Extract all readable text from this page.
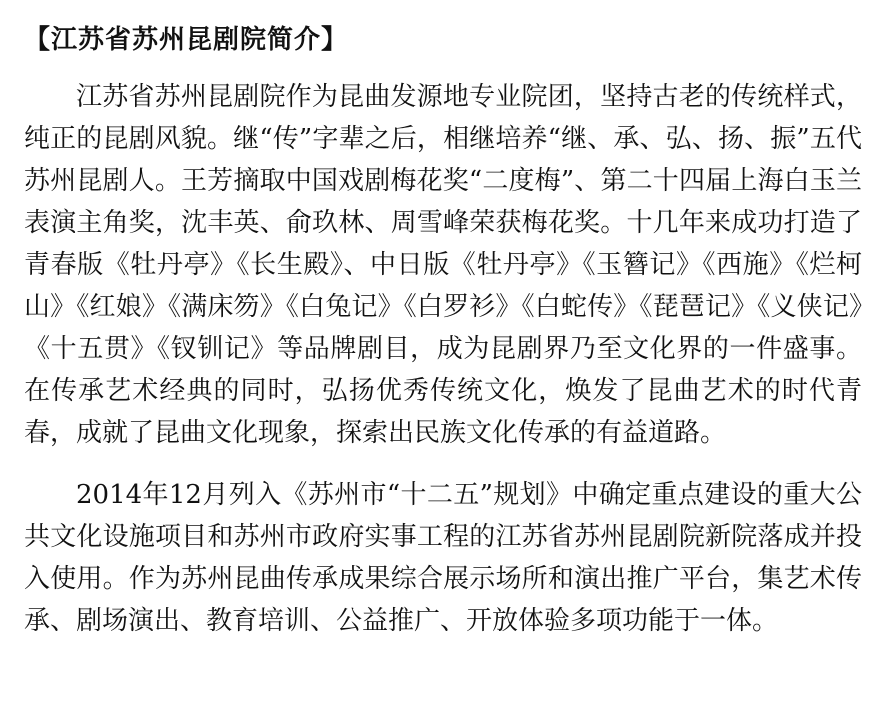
【江苏省苏州昆剧院简介】

江苏省苏州昆剧院作为昆曲发源地专业院团，坚持古老的传统样式，纯正的昆剧风貌。继“传”字辈之后，相继培养“继、承、弘、扬、振”五代苏州昆剧人。王芳摘取中国戏剧梅花奖“二度梅”、第二十四届上海白玉兰表演主角奖，沈丰英、俞玖林、周雪峰荣获梅花奖。十几年来成功打造了青春版《牡丹亭》《长生殿》、中日版《牡丹亭》《玉簪记》《西施》《烂柯山》《红娘》《满床笏》《白兔记》《白罗衫》《白蛇传》《琵琶记》《义侠记》《十五贯》《钗钏记》等品牌剧目，成为昆剧界乃至文化界的一件盛事。在传承艺术经典的同时，弘扬优秀传统文化，焕发了昆曲艺术的时代青春，成就了昆曲文化现象，探索出民族文化传承的有益道路。

2014年12月列入《苏州市“十二五”规划》中确定重点建设的重大公共文化设施项目和苏州市政府实事工程的江苏省苏州昆剧院新院落成并投入使用。作为苏州昆曲传承成果综合展示场所和演出推广平台，集艺术传承、剧场演出、教育培训、公益推广、开放体验多项功能于一体。
